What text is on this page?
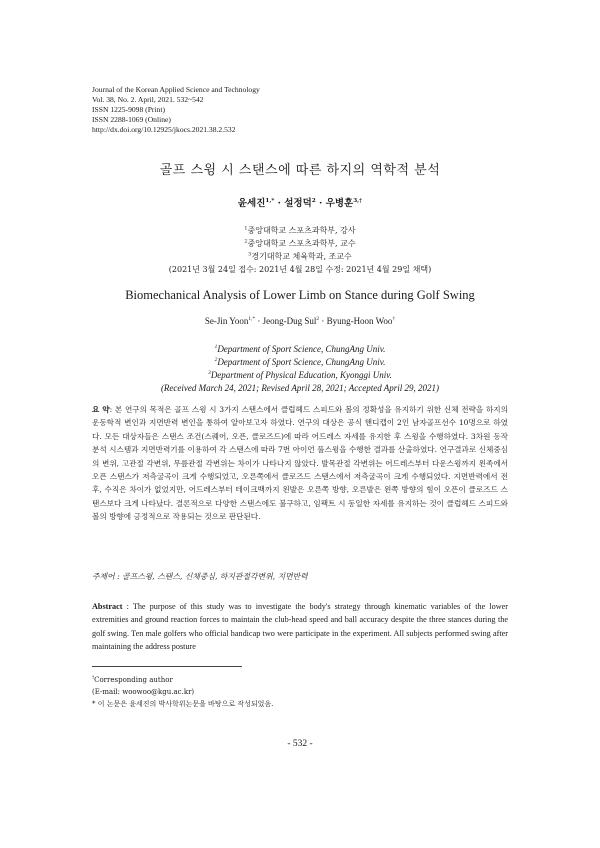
Journal of the Korean Applied Science and Technology
Vol. 38, No. 2. April, 2021. 532~542
ISSN 1225-9098 (Print)
ISSN 2288-1069 (Online)
http://dx.doi.org/10.12925/jkocs.2021.38.2.532
골프 스윙 시 스탠스에 따른 하지의 역학적 분석
윤세진$^{1,*}$ · 설정덕$^2$ · 우병훈$^{3,\dagger}$
$^1$중앙대학교 스포츠과학부, 강사
$^2$중앙대학교 스포츠과학부, 교수
$^3$경기대학교 체육학과, 조교수
(2021년 3월 24일 접수: 2021년 4월 28일 수정: 2021년 4월 29일 채택)
Biomechanical Analysis of Lower Limb on Stance during Golf Swing
Se-Jin Yoon$^{1,*}$ · Jeong-Dug Sul$^2$ · Byung-Hoon Woo†
$^1$Department of Sport Science, ChungAng Univ.
$^2$Department of Sport Science, ChungAng Univ.
$^3$Department of Physical Education, Kyonggi Univ.
(Received March 24, 2021; Revised April 28, 2021; Accepted April 29, 2021)
요 약: 본 연구의 목적은 골프 스윙 시 3가지 스탠스에서 클럽헤드 스피드와 볼의 정확성을 유지하기 위한 신체 전략을 하지의 운동학적 변인과 지면반력 변인을 통하여 알아보고자 하였다. 연구의 대상은 공식 핸디캡이 2인 남자골프선수 10명으로 하였다. 모든 대상자들은 스탠스 조건(스퀘어, 오픈, 클로즈드)에 따라 어드레스 자세를 유지한 후 스윙을 수행하였다. 3차원 동작분석 시스템과 지면반력기를 이용하여 각 스탠스에 따라 7번 아이언 풀스윙을 수행한 결과를 산출하였다. 연구결과로 신체중심의 변위, 고관절 각변위, 무릎관절 각변위는 차이가 나타나지 않았다. 발목관절 각변위는 어드레스부터 다운스윙까지 왼족에서 오픈 스탠스가 저측굴곡이 크게 수행되었고, 오른쪽에서 클로즈드 스탠스에서 저측굴곡이 크게 수행되었다. 지면반력에서 전후, 수직은 차이가 없었지만, 어드레스부터 테이크백까지 왼발은 오른쪽 방향, 오른발은 왼쪽 방향의 힘이 오픈이 클로즈드 스탠스보다 크게 나타났다. 결론적으로 다양한 스탠스에도 불구하고, 임팩트 시 동일한 자세를 유지하는 것이 클럽헤드 스피드와 볼의 방향에 긍정적으로 작용되는 것으로 판단된다.
주제어 : 골프스윙, 스탠스, 신체중심, 하지관절각변위, 지면반력
Abstract : The purpose of this study was to investigate the body's strategy through kinematic variables of the lower extremities and ground reaction forces to maintain the club-head speed and ball accuracy despite the three stances during the golf swing. Ten male golfers who official handicap two were participate in the experiment. All subjects performed swing after maintaining the address posture
†Corresponding author
(E-mail: woowoo@kgu.ac.kr)
* 이 논문은 윤세진의 박사학위논문을 바탕으로 작성되었음.
- 532 -
